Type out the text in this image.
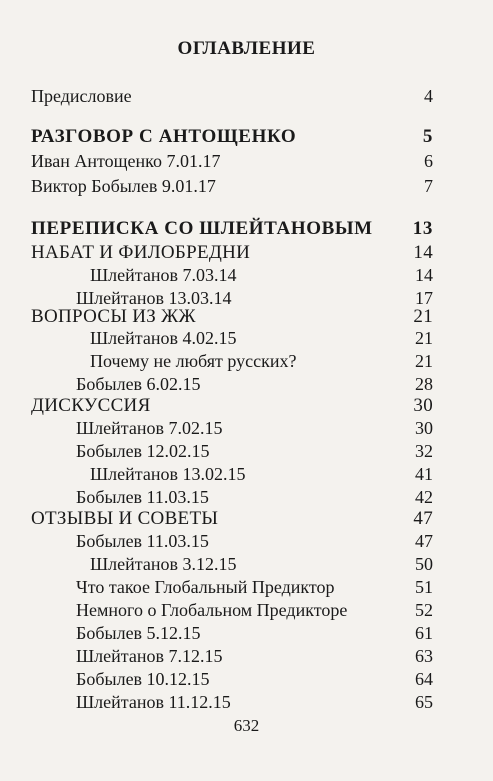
ОГЛАВЛЕНИЕ
Предисловие	4
РАЗГОВОР С АНТОЩЕНКО	5
Иван Антощенко 7.01.17	6
Виктор Бобылев 9.01.17	7
ПЕРЕПИСКА СО ШЛЕЙТАНОВЫМ 13
НАБАТ И ФИЛОБРЕДНИ	14
Шлейтанов 7.03.14	14
Шлейтанов 13.03.14	17
ВОПРОСЫ ИЗ ЖЖ	21
Шлейтанов 4.02.15	21
Почему не любят русских?	21
Бобылев 6.02.15	28
ДИСКУССИЯ	30
Шлейтанов 7.02.15	30
Бобылев 12.02.15	32
Шлейтанов 13.02.15	41
Бобылев 11.03.15	42
ОТЗЫВЫ И СОВЕТЫ	47
Бобылев 11.03.15	47
Шлейтанов 3.12.15	50
Что такое Глобальный Предиктор	51
Немного о Глобальном Предикторе	52
Бобылев 5.12.15	61
Шлейтанов 7.12.15	63
Бобылев 10.12.15	64
Шлейтанов 11.12.15	65
632
